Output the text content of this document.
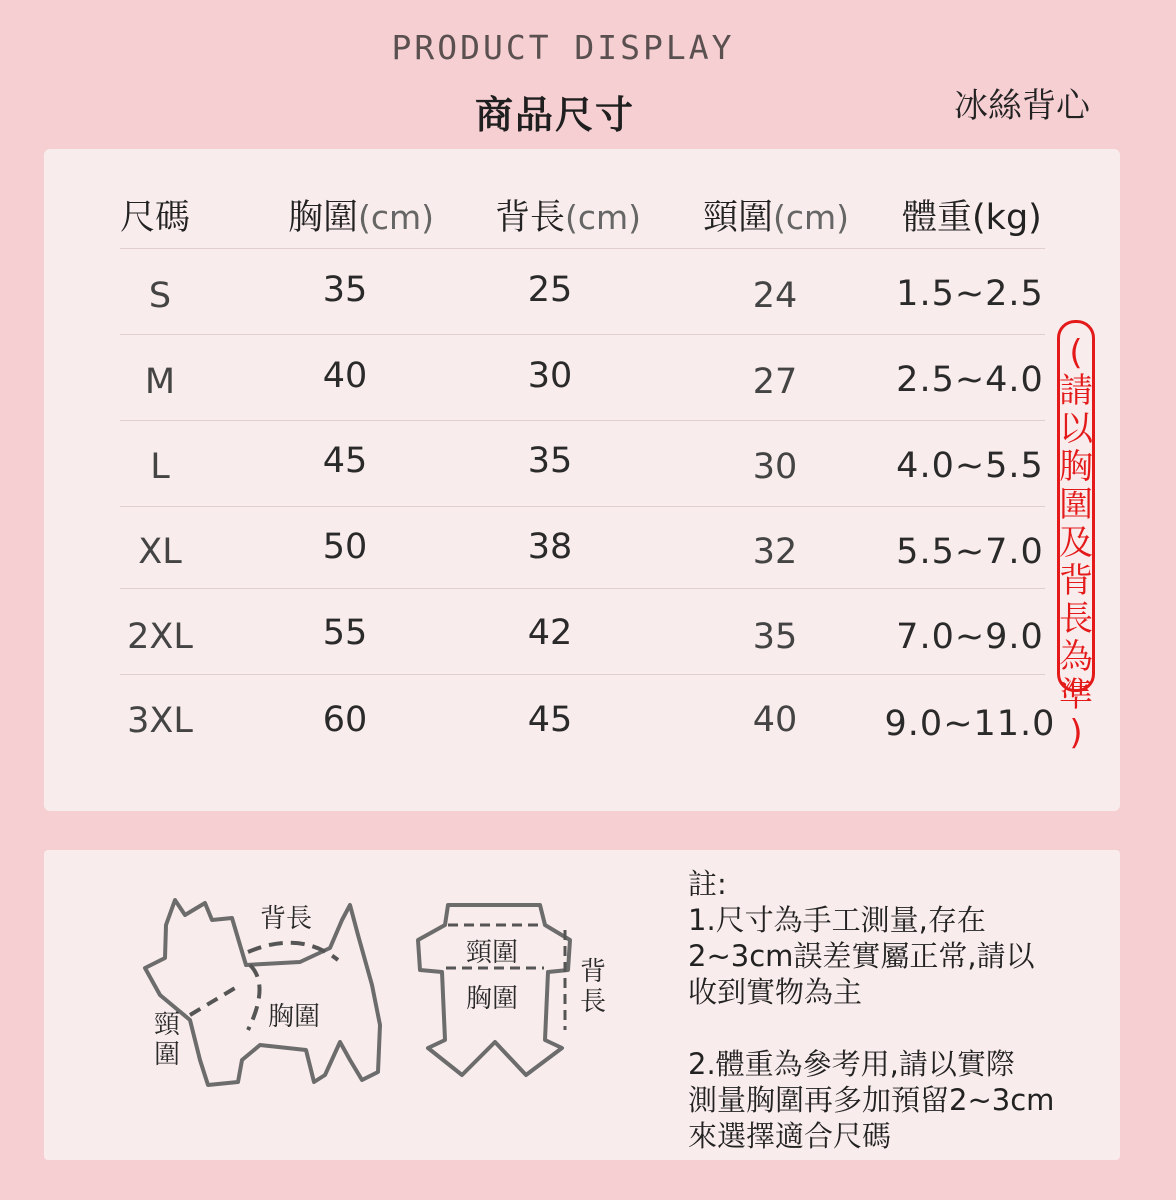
PRODUCT DISPLAY
商品尺寸	冰絲背心
尺碼	胸圍(cm) 背長(cm) 頸圍(cm) 體重(kg)
S	35	25	24	1.5~2.5
M	40	30	27	2.5~4.0
L	45	35	30	4.0~5.5
XL	50	38	32	5.5~7.0
2XL	55	42	35	7.0~9.0
3XL	60	45	40	9.0~11.0
(
請
以
胸
圍
及
背
長
為
準
)
背長
胸圍
頸
圍
頸圍
胸圍
背
長

註:

1.尺寸為手工測量,存在

2~3cm誤差實屬正常,請以

收到實物為主

2.體重為參考用,請以實際

測量胸圍再多加預留2~3cm

來選擇適合尺碼
